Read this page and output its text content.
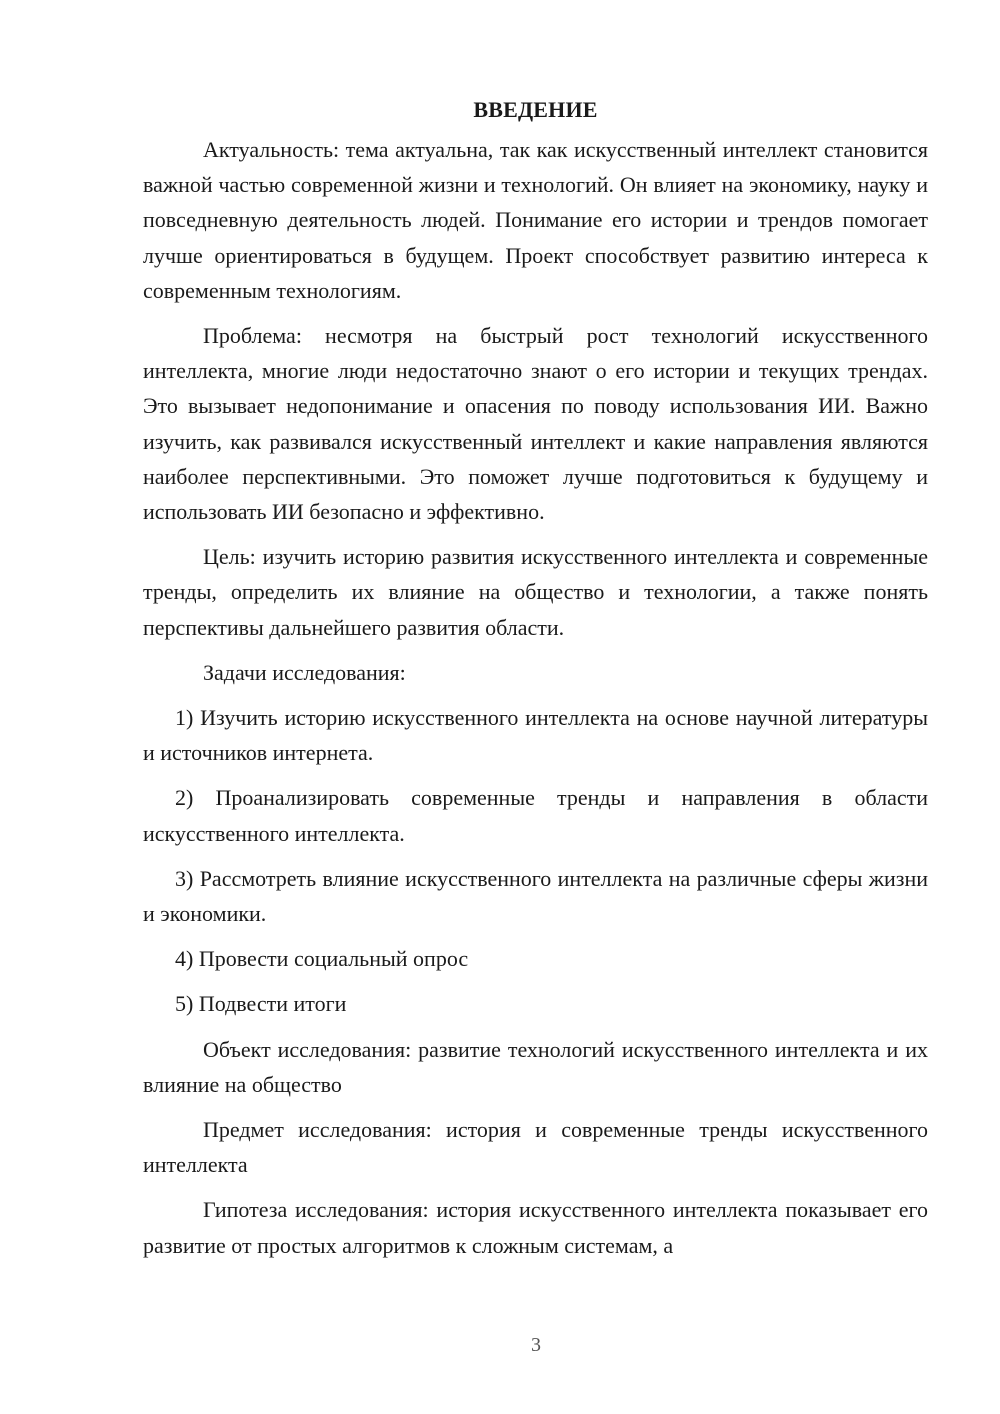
ВВЕДЕНИЕ

Актуальность: тема актуальна, так как искусственный интеллект становится важной частью современной жизни и технологий. Он влияет на экономику, науку и повседневную деятельность людей. Понимание его истории и трендов помогает лучше ориентироваться в будущем. Проект способствует развитию интереса к современным технологиям.

Проблема: несмотря на быстрый рост технологий искусственного интеллекта, многие люди недостаточно знают о его истории и текущих трендах. Это вызывает недопонимание и опасения по поводу использования ИИ. Важно изучить, как развивался искусственный интеллект и какие направления являются наиболее перспективными. Это поможет лучше подготовиться к будущему и использовать ИИ безопасно и эффективно.

Цель: изучить историю развития искусственного интеллекта и современные тренды, определить их влияние на общество и технологии, а также понять перспективы дальнейшего развития области.

Задачи исследования:

1) Изучить историю искусственного интеллекта на основе научной литературы и источников интернета.

2) Проанализировать современные тренды и направления в области искусственного интеллекта.

3) Рассмотреть влияние искусственного интеллекта на различные сферы жизни и экономики.

4) Провести социальный опрос

5) Подвести итоги

Объект исследования: развитие технологий искусственного интеллекта и их влияние на общество

Предмет исследования: история и современные тренды искусственного интеллекта

Гипотеза исследования: история искусственного интеллекта показывает его развитие от простых алгоритмов к сложным системам, а

3
